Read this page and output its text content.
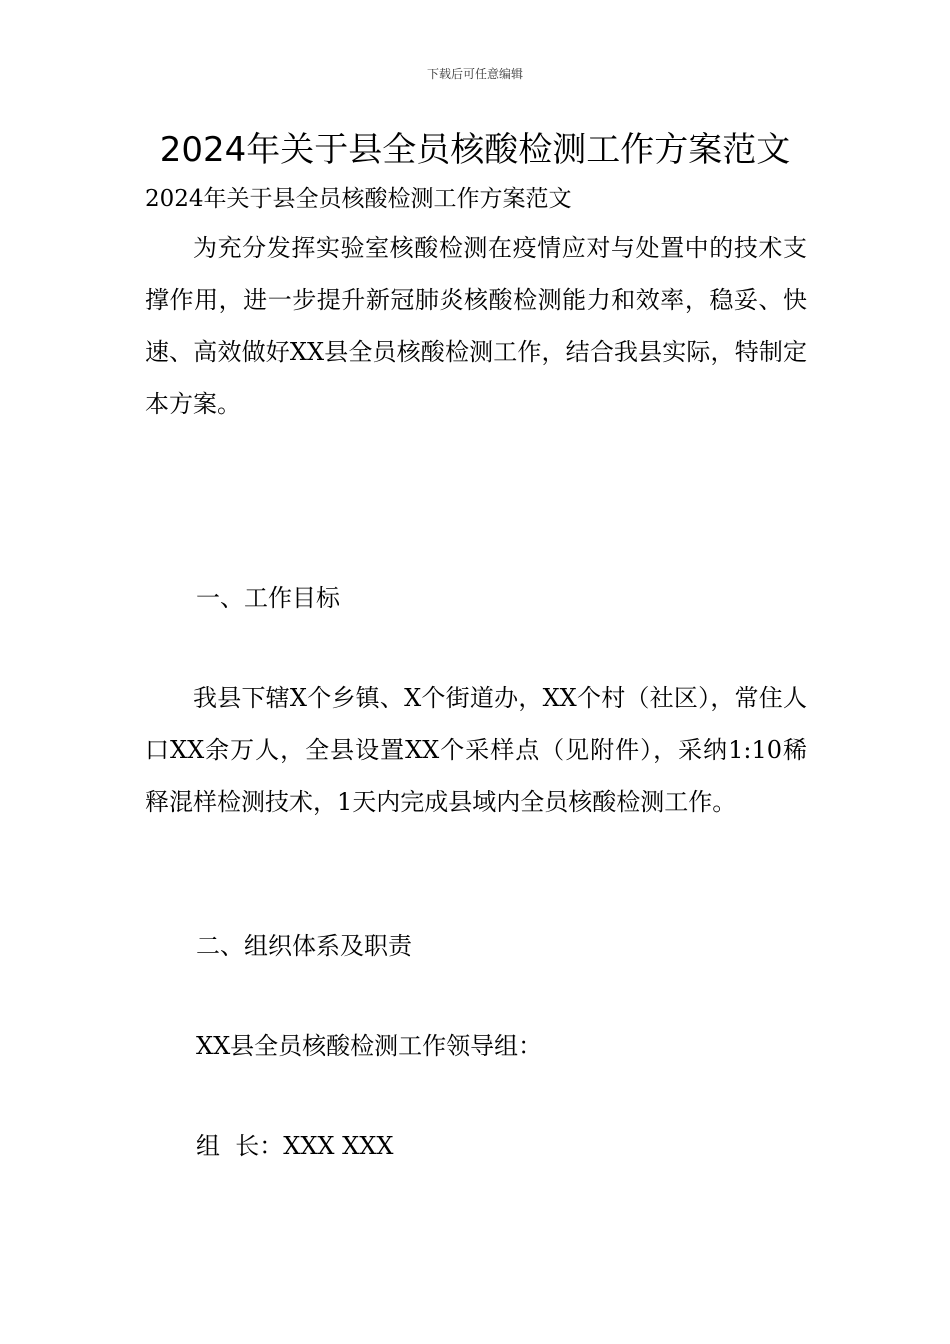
下载后可任意编辑
2024年关于县全员核酸检测工作方案范文

2024年关于县全员核酸检测工作方案范文

为充分发挥实验室核酸检测在疫情应对与处置中的技术支撑作用，进一步提升新冠肺炎核酸检测能力和效率，稳妥、快速、高效做好XX县全员核酸检测工作，结合我县实际，特制定本方案。

一、工作目标

我县下辖X个乡镇、X个街道办，XX个村（社区），常住人口XX余万人，全县设置XX个采样点（见附件），采纳1:10稀释混样检测技术，1天内完成县域内全员核酸检测工作。

二、组织体系及职责

XX县全员核酸检测工作领导组：

组  长：XXX XXX
